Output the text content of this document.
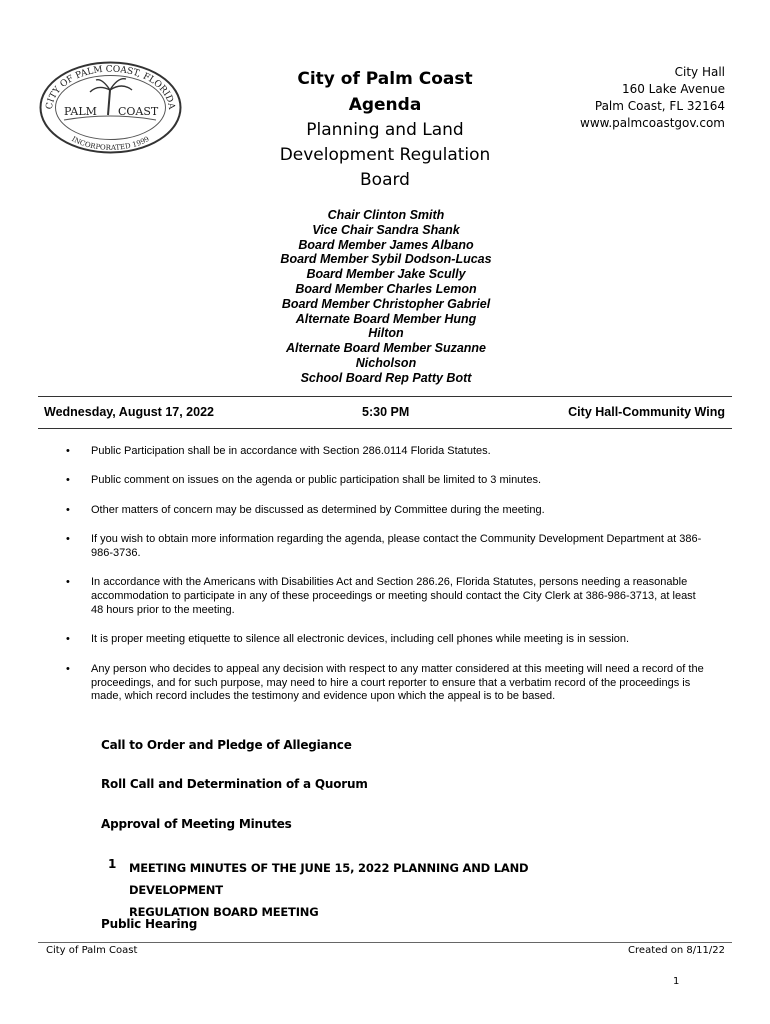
CITY OF PALM COAST, FLORIDA
INCORPORATED 1999
PALM COAST
City of Palm Coast
Agenda
Planning and Land
Development Regulation
Board
City Hall
160 Lake Avenue
Palm Coast, FL 32164
www.palmcoastgov.com
Chair Clinton Smith
Vice Chair Sandra Shank
Board Member James Albano
Board Member Sybil Dodson-Lucas
Board Member Jake Scully
Board Member Charles Lemon
Board Member Christopher Gabriel
Alternate Board Member Hung
Hilton
Alternate Board Member Suzanne
Nicholson
School Board Rep Patty Bott
Wednesday, August 17, 2022	5:30 PM	City Hall-Community Wing
• Public Participation shall be in accordance with Section 286.0114 Florida Statutes.
• Public comment on issues on the agenda or public participation shall be limited to 3 minutes.
• Other matters of concern may be discussed as determined by Committee during the meeting.
• If you wish to obtain more information regarding the agenda, please contact the Community Development Department at 386-
986-3736.
• In accordance with the Americans with Disabilities Act and Section 286.26, Florida Statutes, persons needing a reasonable
accommodation to participate in any of these proceedings or meeting should contact the City Clerk at 386-986-3713, at least
48 hours prior to the meeting.
• It is proper meeting etiquette to silence all electronic devices, including cell phones while meeting is in session.
• Any person who decides to appeal any decision with respect to any matter considered at this meeting will need a record of the
proceedings, and for such purpose, may need to hire a court reporter to ensure that a verbatim record of the proceedings is
made, which record includes the testimony and evidence upon which the appeal is to be based.
Call to Order and Pledge of Allegiance
Roll Call and Determination of a Quorum
Approval of Meeting Minutes
1 MEETING MINUTES OF THE JUNE 15, 2022 PLANNING AND LAND DEVELOPMENT
REGULATION BOARD MEETING
Public Hearing
City of Palm Coast	Created on 8/11/22
1
